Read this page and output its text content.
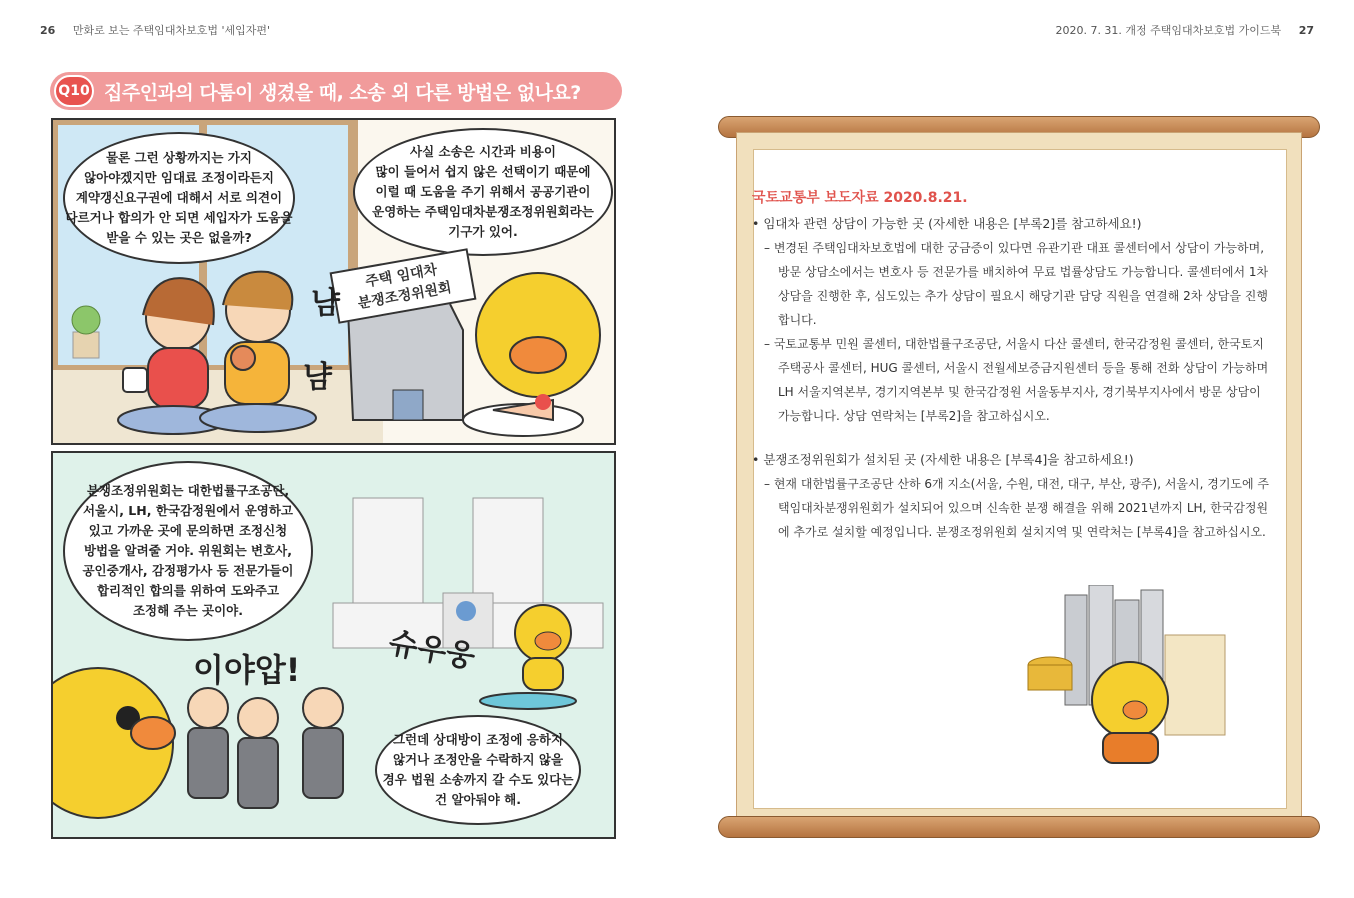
26 만화로 보는 주택임대차보호법 '세입자편'	2020. 7. 31. 개정 주택임대차보호법 가이드북 27
Q10 집주인과의 다툼이 생겼을 때, 소송 외 다른 방법은 없나요?
물론 그런 상황까지는 가지
않아야겠지만 임대료 조정이라든지
계약갱신요구권에 대해서 서로 의견이
다르거나 합의가 안 되면 세입자가 도움을
받을 수 있는 곳은 없을까?
사실 소송은 시간과 비용이
많이 들어서 쉽지 않은 선택이기 때문에
이럴 때 도움을 주기 위해서 공공기관이
운영하는 주택임대차분쟁조정위원회라는
기구가 있어.
주택 임대차
분쟁조정위원회
냠
냠
분쟁조정위원회는 대한법률구조공단,
서울시, LH, 한국감정원에서 운영하고
있고 가까운 곳에 문의하면 조정신청
방법을 알려줄 거야. 위원회는 변호사,
공인중개사, 감정평가사 등 전문가들이
합리적인 합의를 위하여 도와주고
조정해 주는 곳이야.
그런데 상대방이 조정에 응하지
않거나 조정안을 수락하지 않을
경우 법원 소송까지 갈 수도 있다는
건 알아둬야 해.
이야압!	슈우웅
국토교통부 보도자료 2020.8.21.
• 임대차 관련 상담이 가능한 곳 (자세한 내용은 [부록2]를 참고하세요!)
– 변경된 주택임대차보호법에 대한 궁금증이 있다면 유관기관 대표 콜센터에서 상담이 가능하며, 방문 상담소에서는 변호사 등 전문가를 배치하여 무료 법률상담도 가능합니다. 콜센터에서 1차 상담을 진행한 후, 심도있는 추가 상담이 필요시 해당기관 담당 직원을 연결해 2차 상담을 진행합니다.
– 국토교통부 민원 콜센터, 대한법률구조공단, 서울시 다산 콜센터, 한국감정원 콜센터, 한국토지주택공사 콜센터, HUG 콜센터, 서울시 전월세보증금지원센터 등을 통해 전화 상담이 가능하며 LH 서울지역본부, 경기지역본부 및 한국감정원 서울동부지사, 경기북부지사에서 방문 상담이 가능합니다. 상담 연락처는 [부록2]을 참고하십시오.
• 분쟁조정위원회가 설치된 곳 (자세한 내용은 [부록4]을 참고하세요!)
– 현재 대한법률구조공단 산하 6개 지소(서울, 수원, 대전, 대구, 부산, 광주), 서울시, 경기도에 주택임대차분쟁위원회가 설치되어 있으며 신속한 분쟁 해결을 위해 2021년까지 LH, 한국감정원에 추가로 설치할 예정입니다. 분쟁조정위원회 설치지역 및 연락처는 [부록4]을 참고하십시오.
